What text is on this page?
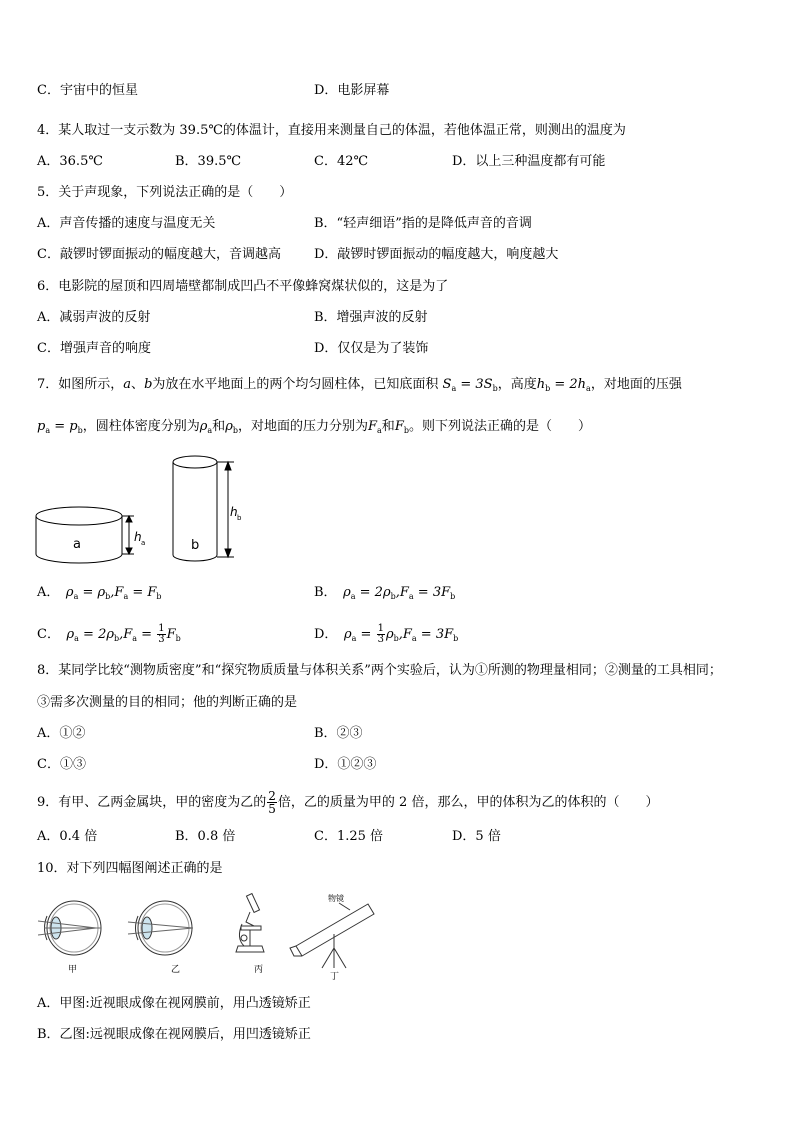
C．宇宙中的恒星	D．电影屏幕
4．某人取过一支示数为 39.5℃的体温计，直接用来测量自己的体温，若他体温正常，则测出的温度为
A．36.5℃	B．39.5℃	C．42℃	D．以上三种温度都有可能
5．关于声现象，下列说法正确的是（　　）
A．声音传播的速度与温度无关	B．“轻声细语”指的是降低声音的音调
C．敲锣时锣面振动的幅度越大，音调越高	D．敲锣时锣面振动的幅度越大，响度越大
6．电影院的屋顶和四周墙壁都制成凹凸不平像蜂窝煤状似的，这是为了
A．减弱声波的反射	B．增强声波的反射
C．增强声音的响度	D．仅仅是为了装饰
7．如图所示，a、b为放在水平地面上的两个均匀圆柱体，已知底面积 $S_a = 3S_b$，高度$h_b = 2h_a$，对地面的压强
$p_a = p_b$，圆柱体密度分别为$\rho_a$和$\rho_b$，对地面的压力分别为$F_a$和$F_b$。则下列说法正确的是（　　）
a	h a	b
h b
A．　 $\rho_a = \rho_b,F_a = F_b$	B．　 $\rho_a = 2\rho_b,F_a = 3F_b$
C．　 $\rho_a = 2\rho_b,F_a = \frac{1}{3} F_b$	D．　 $\rho_a = \frac{1}{3} \rho_b,F_a = 3F_b$
8．某同学比较“测物质密度”和“探究物质质量与体积关系”两个实验后，认为①所测的物理量相同；②测量的工具相同；
③需多次测量的目的相同；他的判断正确的是
A．①②	B．②③
C．①③	D．①②③
9．有甲、乙两金属块，甲的密度为乙的 $\frac{2}{5}$ 倍，乙的质量为甲的 2 倍，那么，甲的体积为乙的体积的（　　）
A．0.4 倍	B．0.8 倍	C．1.25 倍	D．5 倍
10．对下列四幅图阐述正确的是
甲	乙	丙
物镜
丁
A．甲图:近视眼成像在视网膜前，用凸透镜矫正
B．乙图:远视眼成像在视网膜后，用凹透镜矫正
